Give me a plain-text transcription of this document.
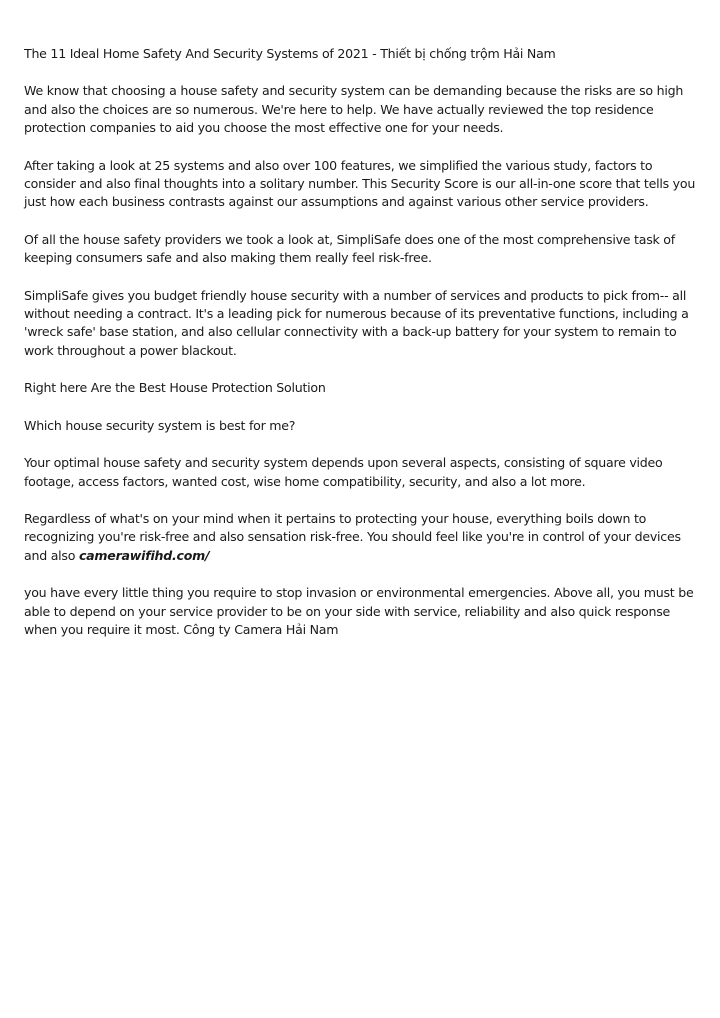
The 11 Ideal Home Safety And Security Systems of 2021 - Thiết bị chống trộm Hải Nam

We know that choosing a house safety and security system can be demanding because the risks are so high and also the choices are so numerous. We're here to help. We have actually reviewed the top residence protection companies to aid you choose the most effective one for your needs.

After taking a look at 25 systems and also over 100 features, we simplified the various study, factors to consider and also final thoughts into a solitary number. This Security Score is our all-in-one score that tells you just how each business contrasts against our assumptions and against various other service providers.

Of all the house safety providers we took a look at, SimpliSafe does one of the most comprehensive task of keeping consumers safe and also making them really feel risk-free.

SimpliSafe gives you budget friendly house security with a number of services and products to pick from-- all without needing a contract. It's a leading pick for numerous because of its preventative functions, including a 'wreck safe' base station, and also cellular connectivity with a back-up battery for your system to remain to work throughout a power blackout.

Right here Are the Best House Protection Solution

Which house security system is best for me?

Your optimal house safety and security system depends upon several aspects, consisting of square video footage, access factors, wanted cost, wise home compatibility, security, and also a lot more.

Regardless of what's on your mind when it pertains to protecting your house, everything boils down to recognizing you're risk-free and also sensation risk-free. You should feel like you're in control of your devices and also camerawifihd.com/

you have every little thing you require to stop invasion or environmental emergencies. Above all, you must be able to depend on your service provider to be on your side with service, reliability and also quick response when you require it most. Công ty Camera Hải Nam
